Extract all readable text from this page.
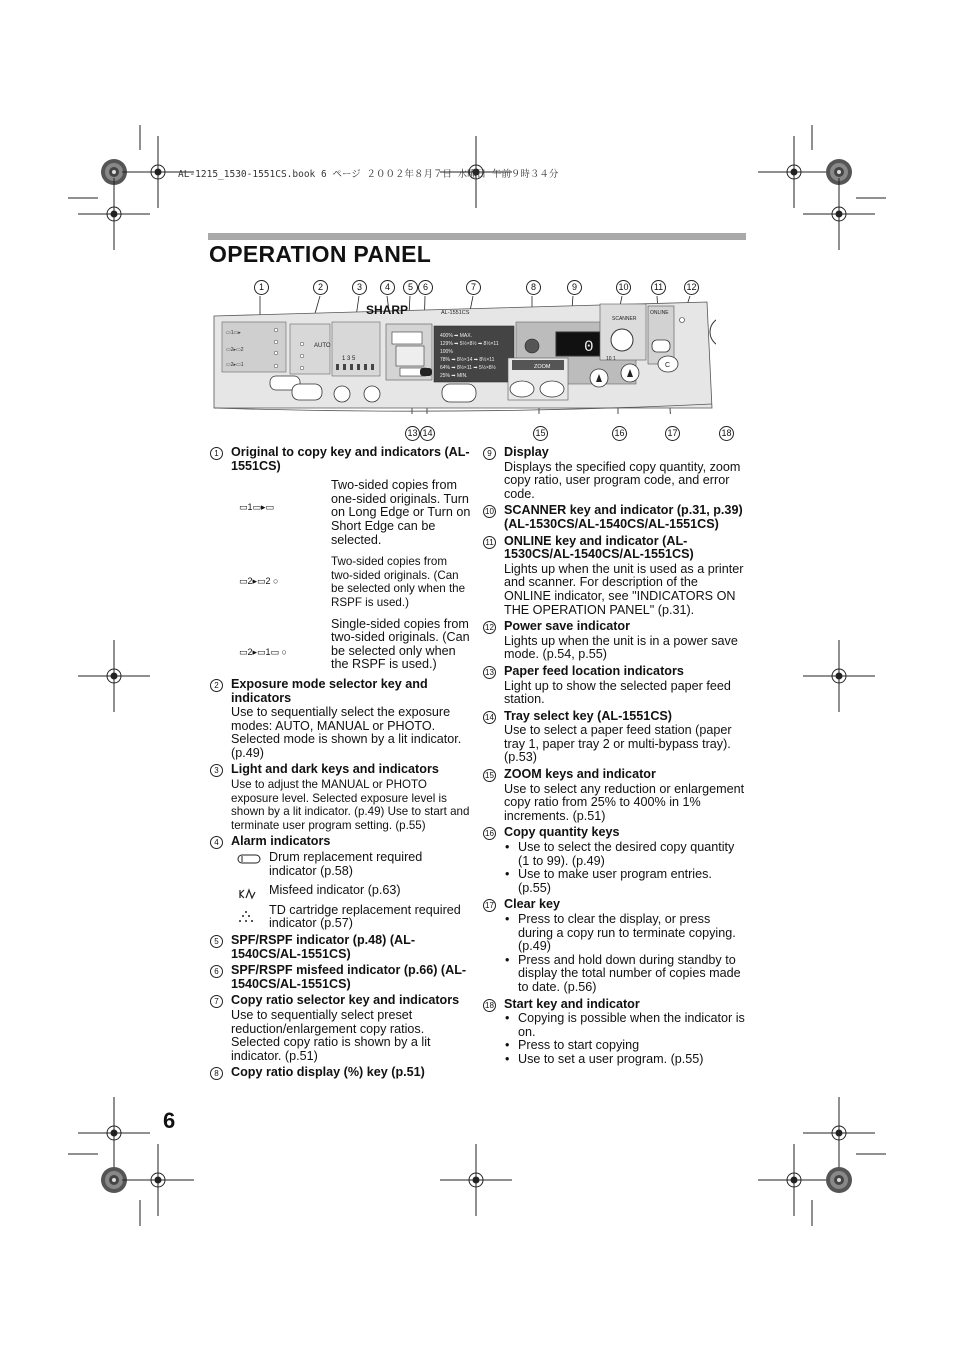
AL-1215_1530-1551CS.book 6 ページ ２００２年８月７日 水曜日 午前９時３４分
OPERATION PANEL
1	2	3	4	5	6	7	8	9	10	11	12
13 14	15	16	17	18
▭1▭▸
▭2▸▭2
▭2▸▭1
AUTO
1 3 5
SHARP	AL-1551CS
400% ➡ MAX.
129% ➡ 5½×8½ ➡ 8½×11
100%
78% ➡ 8½×14 ➡ 8½×11
64% ➡ 8½×11 ➡ 5½×8½
25% ➡ MIN.
0
ZOOM
SCANNER
10 1
ONLINE
C
1 Original to copy key and indicators (AL-1551CS)
▭1▭▸▭
Two-sided copies from one-sided originals. Turn on Long Edge or Turn on Short Edge can be selected.
▭2▸▭2 ○
Two-sided copies from two-sided originals. (Can be selected only when the RSPF is used.)
▭2▸▭1▭ ○
Single-sided copies from two-sided originals. (Can be selected only when the RSPF is used.)
2 Exposure mode selector key and indicators
Use to sequentially select the exposure modes: AUTO, MANUAL or PHOTO. Selected mode is shown by a lit indicator. (p.49)
3 Light and dark keys and indicators
Use to adjust the MANUAL or PHOTO exposure level. Selected exposure level is shown by a lit indicator. (p.49) Use to start and terminate user program setting. (p.55)
4 Alarm indicators
Drum replacement required indicator (p.58)
Misfeed indicator (p.63)
TD cartridge replacement required indicator (p.57)
5 SPF/RSPF indicator (p.48) (AL-1540CS/AL-1551CS)
6 SPF/RSPF misfeed indicator (p.66) (AL-1540CS/AL-1551CS)
7 Copy ratio selector key and indicators
Use to sequentially select preset reduction/enlargement copy ratios. Selected copy ratio is shown by a lit indicator. (p.51)
8 Copy ratio display (%) key (p.51)
9 Display
Displays the specified copy quantity, zoom copy ratio, user program code, and error code.
10 SCANNER key and indicator (p.31, p.39) (AL-1530CS/AL-1540CS/AL-1551CS)
11 ONLINE key and indicator (AL-1530CS/AL-1540CS/AL-1551CS)
Lights up when the unit is used as a printer and scanner. For description of the ONLINE indicator, see "INDICATORS ON THE OPERATION PANEL" (p.31).
12 Power save indicator
Lights up when the unit is in a power save mode. (p.54, p.55)
13 Paper feed location indicators
Light up to show the selected paper feed station.
14 Tray select key (AL-1551CS)
Use to select a paper feed station (paper tray 1, paper tray 2 or multi-bypass tray). (p.53)
15 ZOOM keys and indicator
Use to select any reduction or enlargement copy ratio from 25% to 400% in 1% increments. (p.51)
16 Copy quantity keys
• Use to select the desired copy quantity (1 to 99). (p.49)
• Use to make user program entries. (p.55)
17 Clear key
• Press to clear the display, or press during a copy run to terminate copying. (p.49)
• Press and hold down during standby to display the total number of copies made to date. (p.56)
18 Start key and indicator
• Copying is possible when the indicator is on.
• Press to start copying
• Use to set a user program. (p.55)
6
